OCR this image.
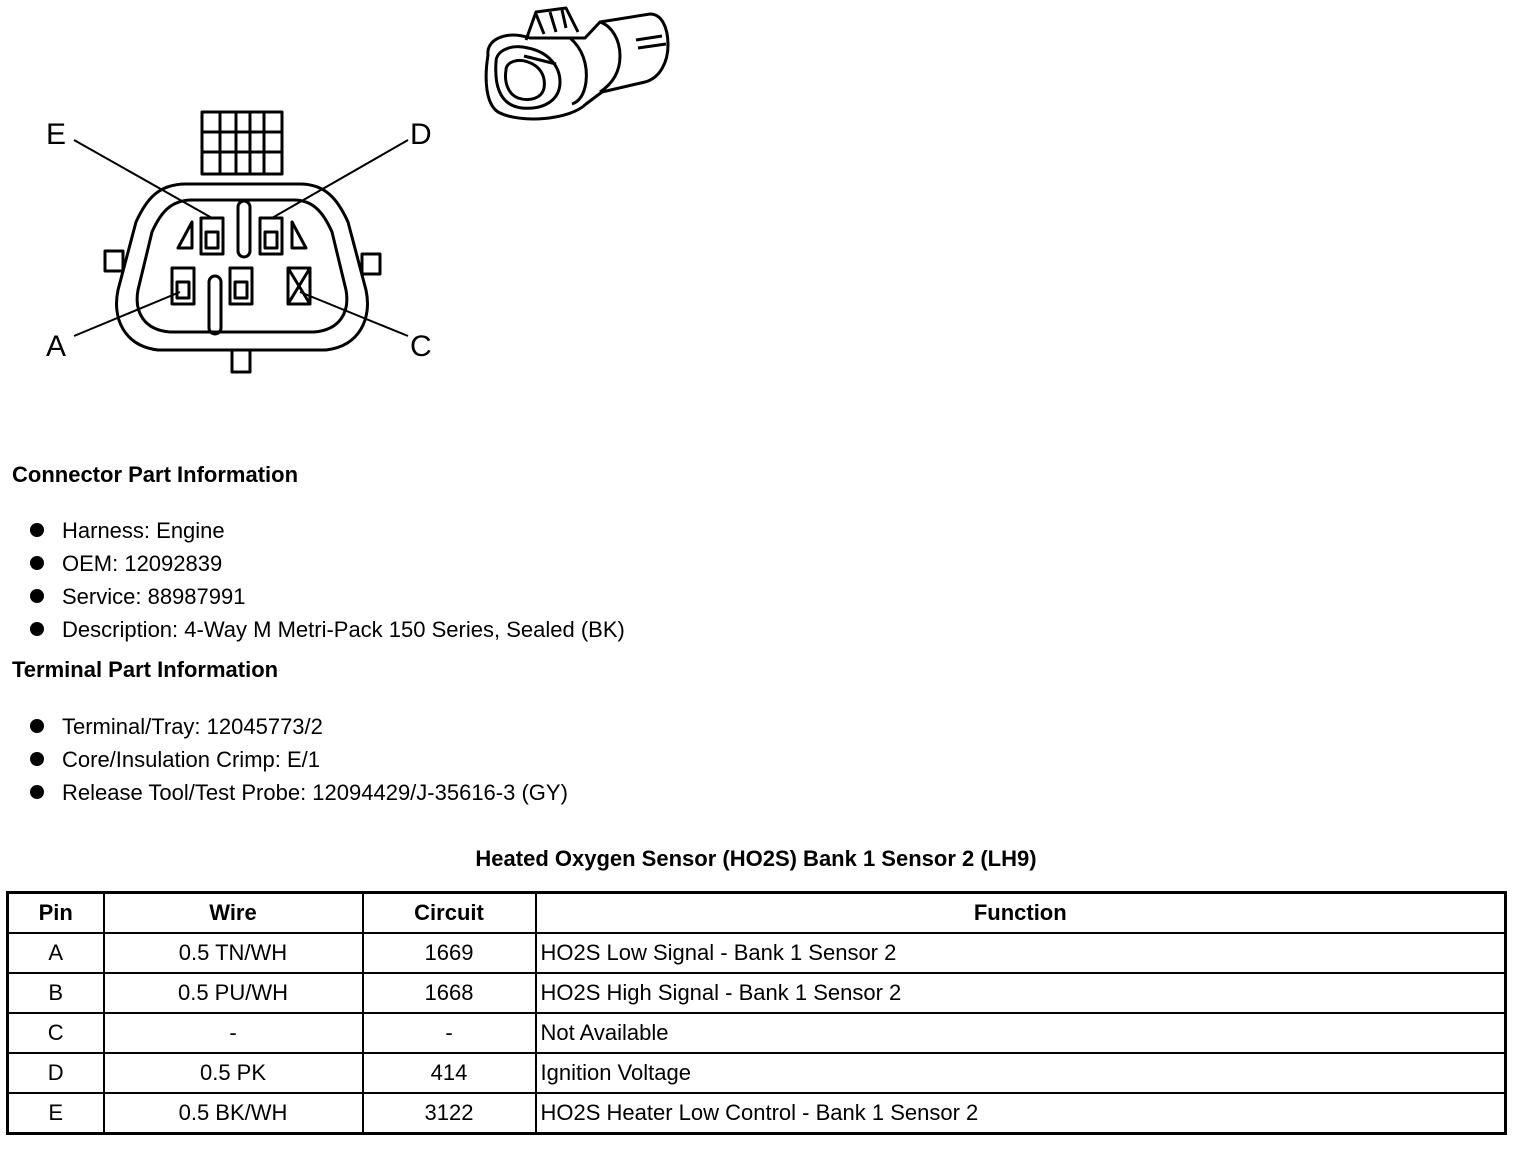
E	D
A	C
Connector Part Information
Harness: Engine
OEM: 12092839
Service: 88987991
Description: 4-Way M Metri-Pack 150 Series, Sealed (BK)
Terminal Part Information
Terminal/Tray: 12045773/2
Core/Insulation Crimp: E/1
Release Tool/Test Probe: 12094429/J-35616-3 (GY)
Heated Oxygen Sensor (HO2S) Bank 1 Sensor 2 (LH9)
Pin	Wire	Circuit	Function
A	0.5 TN/WH	1669	HO2S Low Signal - Bank 1 Sensor 2
B	0.5 PU/WH	1668	HO2S High Signal - Bank 1 Sensor 2
C	-	-	Not Available
D	0.5 PK	414	Ignition Voltage
E	0.5 BK/WH	3122	HO2S Heater Low Control - Bank 1 Sensor 2
